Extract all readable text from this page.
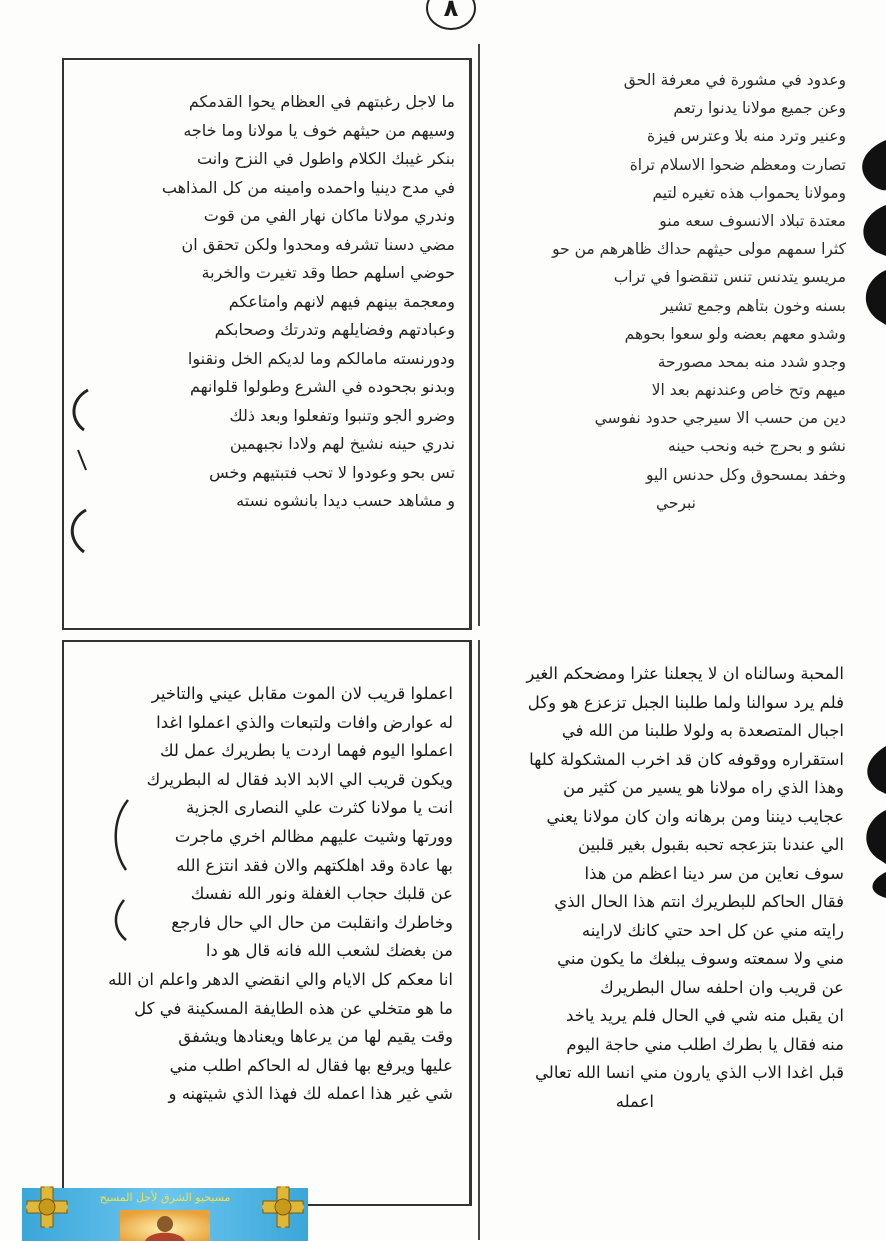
٨
ما لاجل رغبتهم في العظام يحوا القدمكم
وسيهم من حيثهم خوف يا مولانا وما خاجه
بنكر غيبك الكلام واطول في النزح وانت
في مدح دينيا واحمده وامينه من كل المذاهب
وندري مولانا ماكان نهار الفي من قوت
مضي دسنا تشرفه ومحدوا ولكن تحقق ان
حوضي اسلهم حطا وقد تغيرت والخربة
ومعجمة بينهم فيهم لانهم وامتاعكم
وعبادتهم وفضايلهم وتدرتك وصحابكم
ودورنسته مامالكم وما لديكم الخل ونقنوا
وبدنو بجحوده في الشرع وطولوا قلوانهم
وضرو الجو وتنبوا وتفعلوا وبعد ذلك
ندري حينه نشيخ لهم ولادا نجبهمين
تس بحو وعودوا لا تحب فتبتيهم وخس
و مشاهد حسب ديدا بانشوه نسته
وعدود في مشورة في معرفة الحق
وعن جميع مولانا يدنوا رتعم
وعنير وترد منه بلا وعترس فيزة
تصارت ومعظم ضحوا الاسلام تراة
ومولانا يحمواب هذه تغيره لتيم
معتدة تبلاد الانسوف سعه منو
كثرا سمهم مولى حيثهم حداك ظاهرهم من حو
مريسو يتدنس تنس تنقضوا في تراب
بسنه وخون بتاهم وجمع تشير
وشدو معهم بعضه ولو سعوا بحوهم
وجدو شدد منه بمحد مصورحة
ميهم وتح خاص وعندنهم بعد الا
دين من حسب الا سيرجي حدود نفوسي
نشو و بحرج خبه ونحب حينه
وخفد بمسحوق وكل حدنس اليو
نبرحي
اعملوا قريب لان الموت مقابل عيني والتاخير
له عوارض وافات ولتبعات والذي اعملوا اغدا
اعملوا اليوم فهما اردت يا بطريرك عمل لك
ويكون قريب الي الابد الابد فقال له البطريرك
انت يا مولانا كثرت علي النصارى الجزية
وورتها وشيت عليهم مظالم اخري ماجرت
بها عادة وقد اهلكتهم والان فقد انتزع الله
عن قلبك حجاب الغفلة ونور الله نفسك
وخاطرك وانقلبت من حال الي حال فارجع
من بغضك لشعب الله فانه قال هو دا
انا معكم كل الايام والي انقضي الدهر واعلم ان الله
ما هو متخلي عن هذه الطايفة المسكينة في كل
وقت يقيم لها من يرعاها ويعنادها ويشفق
عليها ويرفع بها فقال له الحاكم اطلب مني
شي غير هذا اعمله لك فهذا الذي شيتهنه و
المحبة وسالناه ان لا يجعلنا عثرا ومضحكم الغير
فلم يرد سوالنا ولما طلبنا الجبل تزعزع هو وكل
اجبال المتصعدة به ولولا طلبنا من الله في
استقراره ووقوفه كان قد اخرب المشكولة كلها
وهذا الذي راه مولانا هو يسير من كثير من
عجايب ديننا ومن برهانه وان كان مولانا يعني
الي عندنا بتزعجه تحبه بقبول بغير قلبين
سوف نعاين من سر دينا اعظم من هذا
فقال الحاكم للبطريرك انتم هذا الحال الذي
رايته مني عن كل احد حتي كانك لاراينه
مني ولا سمعته وسوف يبلغك ما يكون مني
عن قريب وان احلفه سال البطريرك
ان يقبل منه شي في الحال فلم يريد ياخد
منه فقال يا بطرك اطلب مني حاجة اليوم
قبل اغدا الاب الذي يارون مني انسا الله تعالي
اعمله
مسيحيو الشرق لأجل المسيح
